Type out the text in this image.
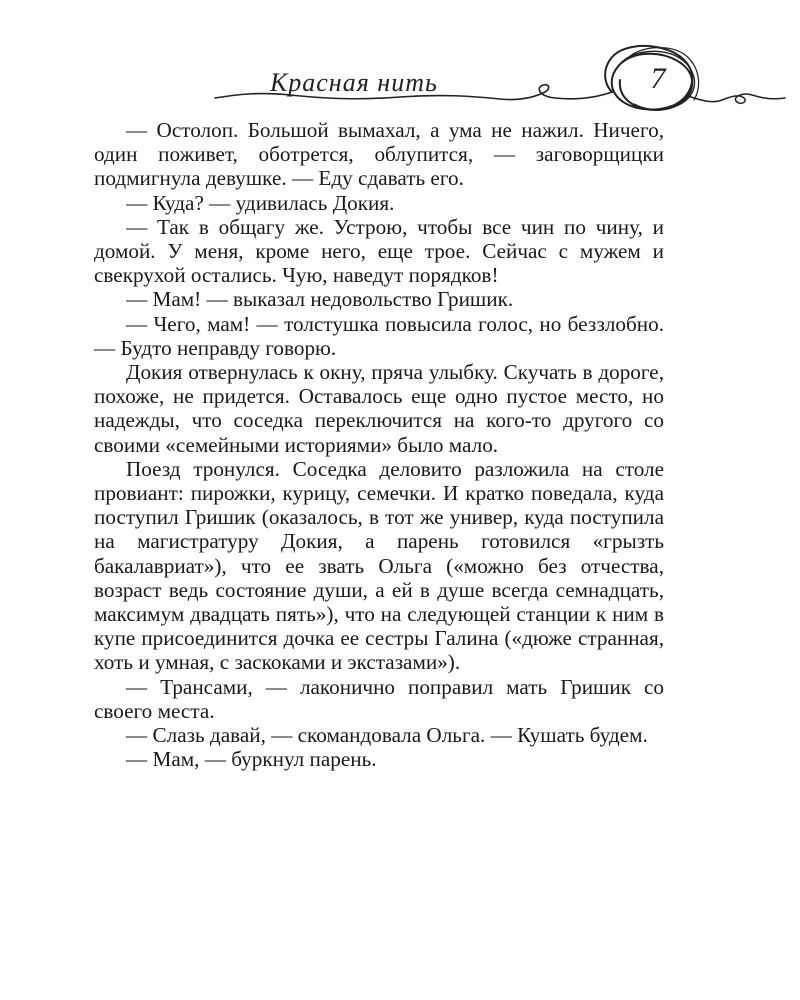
Красная нить	7

— Остолоп. Большой вымахал, а ума не нажил. Ничего, один поживет, оботрется, облупится, — заговорщицки подмигнула девушке. — Еду сдавать его.

— Куда? — удивилась Докия.

— Так в общагу же. Устрою, чтобы все чин по чину, и домой. У меня, кроме него, еще трое. Сейчас с мужем и свекрухой остались. Чую, наведут порядков!

— Мам! — выказал недовольство Гришик.

— Чего, мам! — толстушка повысила голос, но беззлобно. — Будто неправду говорю.

Докия отвернулась к окну, пряча улыбку. Скучать в дороге, похоже, не придется. Оставалось еще одно пустое место, но надежды, что соседка переключится на кого-то другого со своими «семейными историями» было мало.

Поезд тронулся. Соседка деловито разложила на столе провиант: пирожки, курицу, семечки. И кратко поведала, куда поступил Гришик (оказалось, в тот же универ, куда поступила на магистратуру Докия, а парень готовился «грызть бакалавриат»), что ее звать Ольга («можно без отчества, возраст ведь состояние души, а ей в душе всегда семнадцать, максимум двадцать пять»), что на следующей станции к ним в купе присоединится дочка ее сестры Галина («дюже странная, хоть и умная, с заскоками и экстазами»).

— Трансами, — лаконично поправил мать Гришик со своего места.

— Слазь давай, — скомандовала Ольга. — Кушать будем.

— Мам, — буркнул парень.
